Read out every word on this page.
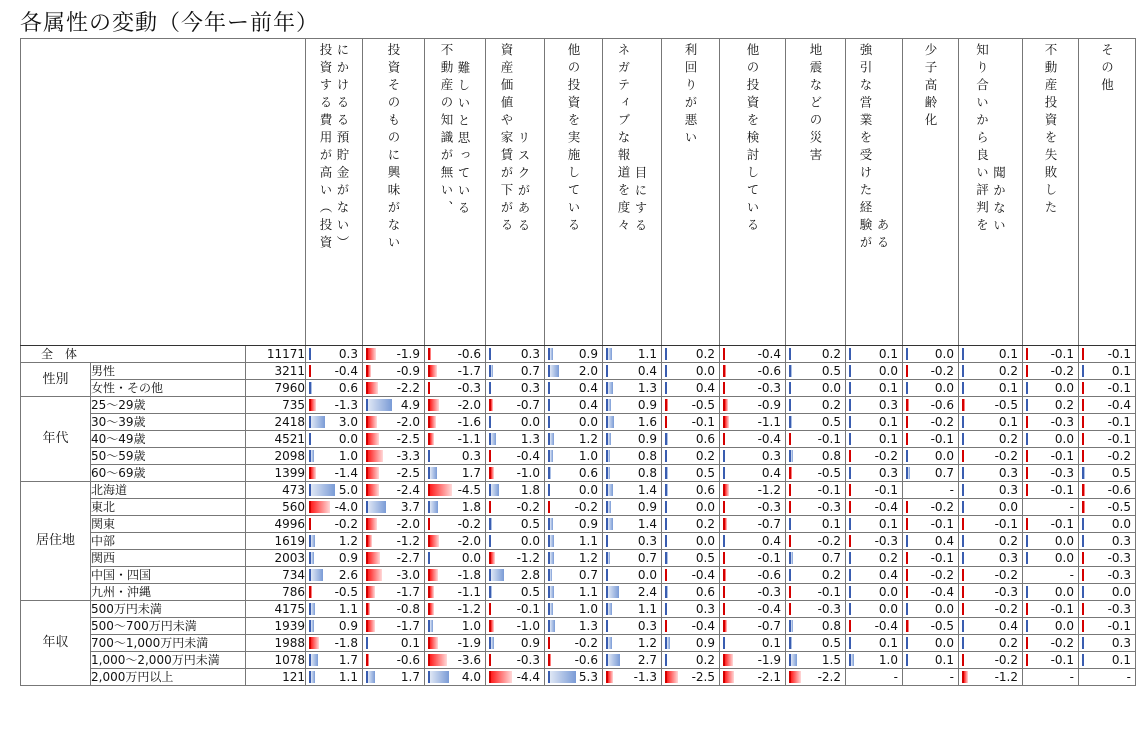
各属性の変動（今年ー前年）

			投資する費用が高い（投資 にかけるる預貯金がない）	投資そのものに興味がない	不動産の知識が無い、 難しいと思っている	資産価値や家賃が下がる リスクがある	他の投資を実施している	ネガティブな報道を度々 目にする	利回りが悪い	他の投資を検討している	地震などの災害	強引な営業を受けた経験が ある	少子高齢化	知り合いから良い評判を 聞かない	不動産投資を失敗した	その他

全　体		11171	0.3	-1.9	-0.6	0.3	0.9	1.1	0.2	-0.4	0.2	0.1	0.0	0.1	-0.1	-0.1

性別	男性	3211	-0.4	-0.9	-1.7	0.7	2.0	0.4	0.0	-0.6	0.5	0.0	-0.2	0.2	-0.2	0.1

	女性・その他	7960	0.6	-2.2	-0.3	0.3	0.4	1.3	0.4	-0.3	0.0	0.1	0.0	0.1	0.0	-0.1

年代	25～29歳	735	-1.3	4.9	-2.0	-0.7	0.4	0.9	-0.5	-0.9	0.2	0.3	-0.6	-0.5	0.2	-0.4

	30～39歳	2418	3.0	-2.0	-1.6	0.0	0.0	1.6	-0.1	-1.1	0.5	0.1	-0.2	0.1	-0.3	-0.1

	40～49歳	4521	0.0	-2.5	-1.1	1.3	1.2	0.9	0.6	-0.4	-0.1	0.1	-0.1	0.2	0.0	-0.1

	50～59歳	2098	1.0	-3.3	0.3	-0.4	1.0	0.8	0.2	0.3	0.8	-0.2	0.0	-0.2	-0.1	-0.2

	60～69歳	1399	-1.4	-2.5	1.7	-1.0	0.6	0.8	0.5	0.4	-0.5	0.3	0.7	0.3	-0.3	0.5

居住地	北海道	473	5.0	-2.4	-4.5	1.8	0.0	1.4	0.6	-1.2	-0.1	-0.1	-	0.3	-0.1	-0.6

	東北	560	-4.0	3.7	1.8	-0.2	-0.2	0.9	0.0	-0.3	-0.3	-0.4	-0.2	0.0	-	-0.5

	関東	4996	-0.2	-2.0	-0.2	0.5	0.9	1.4	0.2	-0.7	0.1	0.1	-0.1	-0.1	-0.1	0.0

	中部	1619	1.2	-1.2	-2.0	0.0	1.1	0.3	0.0	0.4	-0.2	-0.3	0.4	0.2	0.0	0.3

	関西	2003	0.9	-2.7	0.0	-1.2	1.2	0.7	0.5	-0.1	0.7	0.2	-0.1	0.3	0.0	-0.3

	中国・四国	734	2.6	-3.0	-1.8	2.8	0.7	0.0	-0.4	-0.6	0.2	0.4	-0.2	-0.2	-	-0.3

	九州・沖縄	786	-0.5	-1.7	-1.1	0.5	1.1	2.4	0.6	-0.3	-0.1	0.0	-0.4	-0.3	0.0	0.0

年収	500万円未満	4175	1.1	-0.8	-1.2	-0.1	1.0	1.1	0.3	-0.4	-0.3	0.0	0.0	-0.2	-0.1	-0.3

	500～700万円未満	1939	0.9	-1.7	1.0	-1.0	1.3	0.3	-0.4	-0.7	0.8	-0.4	-0.5	0.4	0.0	-0.1

	700～1,000万円未満	1988	-1.8	0.1	-1.9	0.9	-0.2	1.2	0.9	0.1	0.5	0.1	0.0	0.2	-0.2	0.3

	1,000～2,000万円未満	1078	1.7	-0.6	-3.6	-0.3	-0.6	2.7	0.2	-1.9	1.5	1.0	0.1	-0.2	-0.1	0.1

	2,000万円以上	121	1.1	1.7	4.0	-4.4	5.3	-1.3	-2.5	-2.1	-2.2	-	-	-1.2	-	-
